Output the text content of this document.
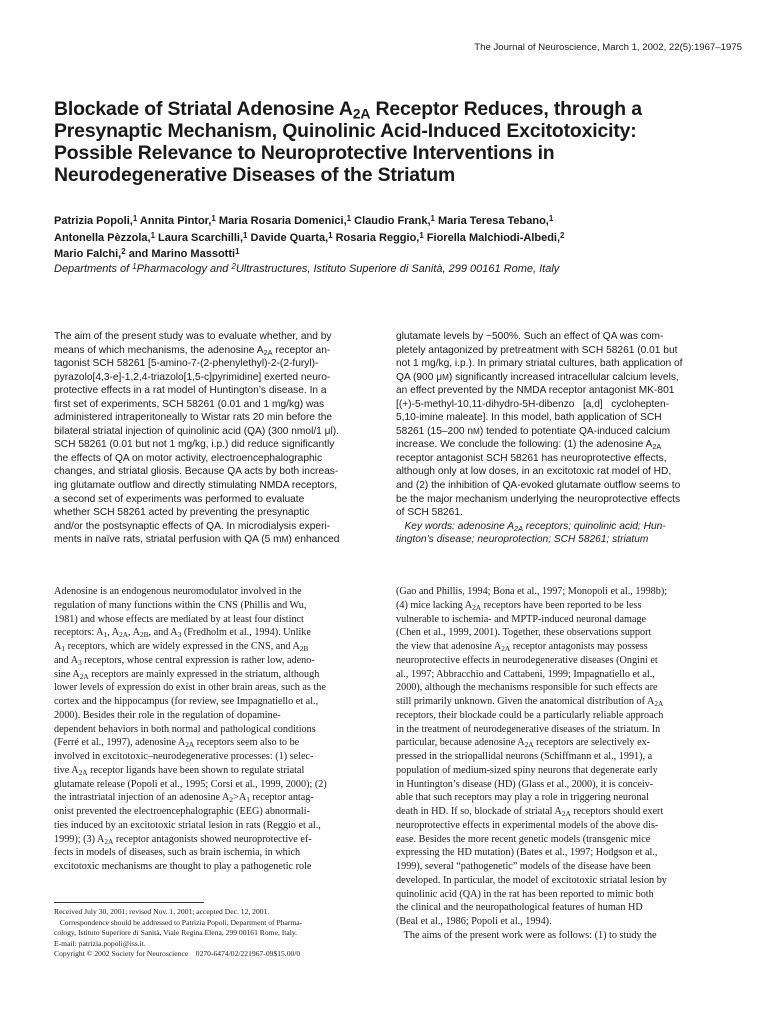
The Journal of Neuroscience, March 1, 2002, 22(5):1967–1975
Blockade of Striatal Adenosine $A_{2A}$ Receptor Reduces, through a
Presynaptic Mechanism, Quinolinic Acid-Induced Excitotoxicity:
Possible Relevance to Neuroprotective Interventions in
Neurodegenerative Diseases of the Striatum
Patrizia Popoli,$^1$ Annita Pintor,$^1$ Maria Rosaria Domenici,$^1$ Claudio Frank,$^1$ Maria Teresa Tebano,$^1$
Antonella Pèzzola,$^1$ Laura Scarchilli,$^1$ Davide Quarta,$^1$ Rosaria Reggio,$^1$ Fiorella Malchiodi-Albedi,$^2$
Mario Falchi,$^2$ and Marino Massotti$^1$
Departments of $^1$Pharmacology and $^2$Ultrastructures, Istituto Superiore di Sanità, 299 00161 Rome, Italy
The aim of the present study was to evaluate whether, and by
means of which mechanisms, the adenosine $A_{2A}$ receptor an-
tagonist SCH 58261 [5-amino-7-(2-phenylethyl)-2-(2-furyl)-
pyrazolo[4,3-e]-1,2,4-triazolo[1,5-c]pyrimidine] exerted neuro-
protective effects in a rat model of Huntington’s disease. In a
first set of experiments, SCH 58261 (0.01 and 1 mg/kg) was
administered intraperitoneally to Wistar rats 20 min before the
bilateral striatal injection of quinolinic acid (QA) (300 nmol/1 μl).
SCH 58261 (0.01 but not 1 mg/kg, i.p.) did reduce significantly
the effects of QA on motor activity, electroencephalographic
changes, and striatal gliosis. Because QA acts by both increas-
ing glutamate outflow and directly stimulating NMDA receptors,
a second set of experiments was performed to evaluate
whether SCH 58261 acted by preventing the presynaptic
and/or the postsynaptic effects of QA. In microdialysis experi-
ments in naïve rats, striatal perfusion with QA (5 mM) enhanced
glutamate levels by ~500%. Such an effect of QA was com-
pletely antagonized by pretreatment with SCH 58261 (0.01 but
not 1 mg/kg, i.p.). In primary striatal cultures, bath application of
QA (900 μM) significantly increased intracellular calcium levels,
an effect prevented by the NMDA receptor antagonist MK-801
[(+)-5-methyl-10,11-dihydro-5H-dibenzo   [a,d]   cyclohepten-
5,10-imine maleate]. In this model, bath application of SCH
58261 (15–200 nM) tended to potentiate QA-induced calcium
increase. We conclude the following: (1) the adenosine $A_{2A}$
receptor antagonist SCH 58261 has neuroprotective effects,
although only at low doses, in an excitotoxic rat model of HD,
and (2) the inhibition of QA-evoked glutamate outflow seems to
be the major mechanism underlying the neuroprotective effects
of SCH 58261.
Key words: adenosine $A_{2A}$ receptors; quinolinic acid; Hun-
tington’s disease; neuroprotection; SCH 58261; striatum
Adenosine is an endogenous neuromodulator involved in the
regulation of many functions within the CNS (Phillis and Wu,
1981) and whose effects are mediated by at least four distinct
receptors: $A_1$, $A_{2A}$, $A_{2B}$, and $A_3$ (Fredholm et al., 1994). Unlike
$A_1$ receptors, which are widely expressed in the CNS, and $A_{2B}$
and $A_3$ receptors, whose central expression is rather low, adeno-
sine $A_{2A}$ receptors are mainly expressed in the striatum, although
lower levels of expression do exist in other brain areas, such as the
cortex and the hippocampus (for review, see Impagnatiello et al.,
2000). Besides their role in the regulation of dopamine-
dependent behaviors in both normal and pathological conditions
(Ferré et al., 1997), adenosine $A_{2A}$ receptors seem also to be
involved in excitotoxic–neurodegenerative processes: (1) selec-
tive $A_{2A}$ receptor ligands have been shown to regulate striatal
glutamate release (Popoli et al., 1995; Corsi et al., 1999, 2000); (2)
the intrastriatal injection of an adenosine $A_2>A_1$ receptor antag-
onist prevented the electroencephalographic (EEG) abnormali-
ties induced by an excitotoxic striatal lesion in rats (Reggio et al.,
1999); (3) $A_{2A}$ receptor antagonists showed neuroprotective ef-
fects in models of diseases, such as brain ischemia, in which
excitotoxic mechanisms are thought to play a pathogenetic role
(Gao and Phillis, 1994; Bona et al., 1997; Monopoli et al., 1998b);
(4) mice lacking $A_{2A}$ receptors have been reported to be less
vulnerable to ischemia- and MPTP-induced neuronal damage
(Chen et al., 1999, 2001). Together, these observations support
the view that adenosine $A_{2A}$ receptor antagonists may possess
neuroprotective effects in neurodegenerative diseases (Ongini et
al., 1997; Abbracchio and Cattabeni, 1999; Impagnatiello et al.,
2000), although the mechanisms responsible for such effects are
still primarily unknown. Given the anatomical distribution of $A_{2A}$
receptors, their blockade could be a particularly reliable approach
in the treatment of neurodegenerative diseases of the striatum. In
particular, because adenosine $A_{2A}$ receptors are selectively ex-
pressed in the striopallidal neurons (Schiffmann et al., 1991), a
population of medium-sized spiny neurons that degenerate early
in Huntington’s disease (HD) (Glass et al., 2000), it is conceiv-
able that such receptors may play a role in triggering neuronal
death in HD. If so, blockade of striatal $A_{2A}$ receptors should exert
neuroprotective effects in experimental models of the above dis-
ease. Besides the more recent genetic models (transgenic mice
expressing the HD mutation) (Bates et al., 1997; Hodgson et al.,
1999), several “pathogenetic” models of the disease have been
developed. In particular, the model of excitotoxic striatal lesion by
quinolinic acid (QA) in the rat has been reported to mimic both
the clinical and the neuropathological features of human HD
(Beal et al., 1986; Popoli et al., 1994).
The aims of the present work were as follows: (1) to study the
Received July 30, 2001; revised Nov. 1, 2001; accepted Dec. 12, 2001.
Correspondence should be addressed to Patrizia Popoli, Department of Pharma-
cology, Istituto Superiore di Sanità, Viale Regina Elena, 299 00161 Rome, Italy.
E-mail: patrizia.popoli@iss.it.
Copyright © 2002 Society for Neuroscience    0270-6474/02/221967-09$15.00/0
